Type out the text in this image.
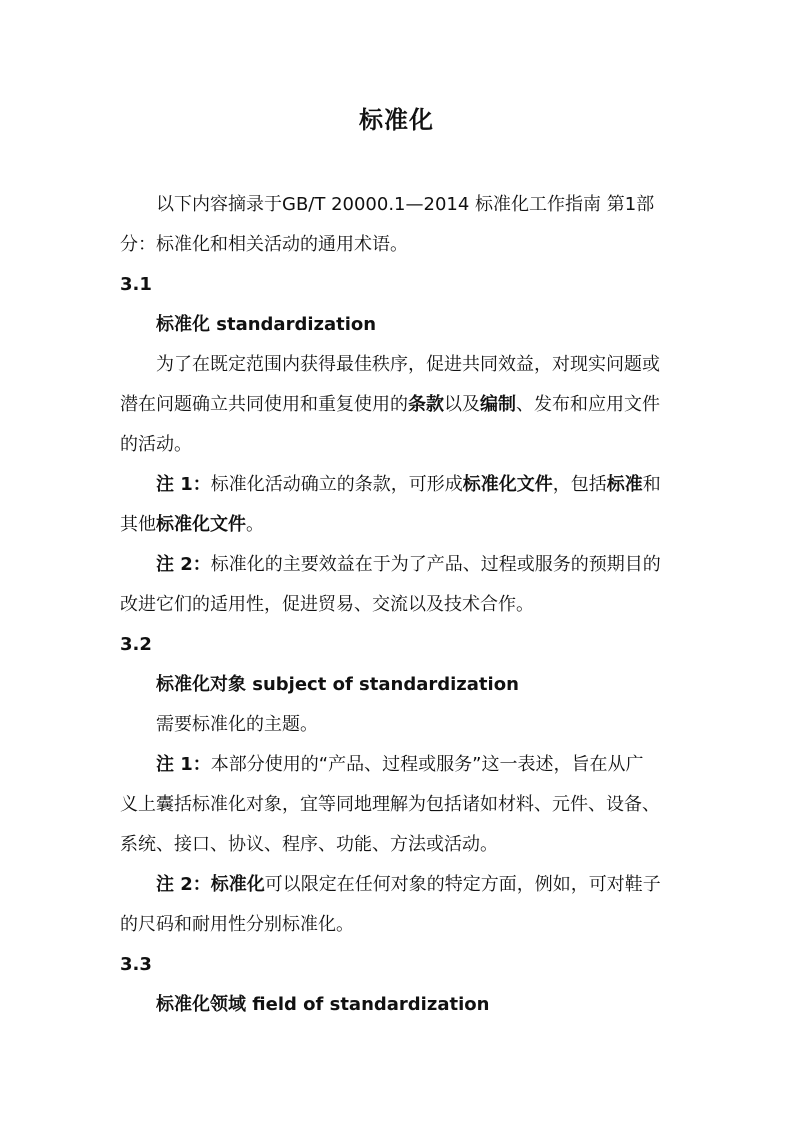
标准化
以下内容摘录于GB/T 20000.1—2014 标准化工作指南 第1部
分：标准化和相关活动的通用术语。
3.1
标准化 standardization
为了在既定范围内获得最佳秩序，促进共同效益，对现实问题或
潜在问题确立共同使用和重复使用的条款以及编制、发布和应用文件
的活动。
注 1：标准化活动确立的条款，可形成标准化文件，包括标准和
其他标准化文件。
注 2：标准化的主要效益在于为了产品、过程或服务的预期目的
改进它们的适用性，促进贸易、交流以及技术合作。
3.2
标准化对象 subject of standardization
需要标准化的主题。
注 1：本部分使用的“产品、过程或服务”这一表述，旨在从广
义上囊括标准化对象，宜等同地理解为包括诸如材料、元件、设备、
系统、接口、协议、程序、功能、方法或活动。
注 2：标准化可以限定在任何对象的特定方面，例如，可对鞋子
的尺码和耐用性分别标准化。
3.3
标准化领域 field of standardization
